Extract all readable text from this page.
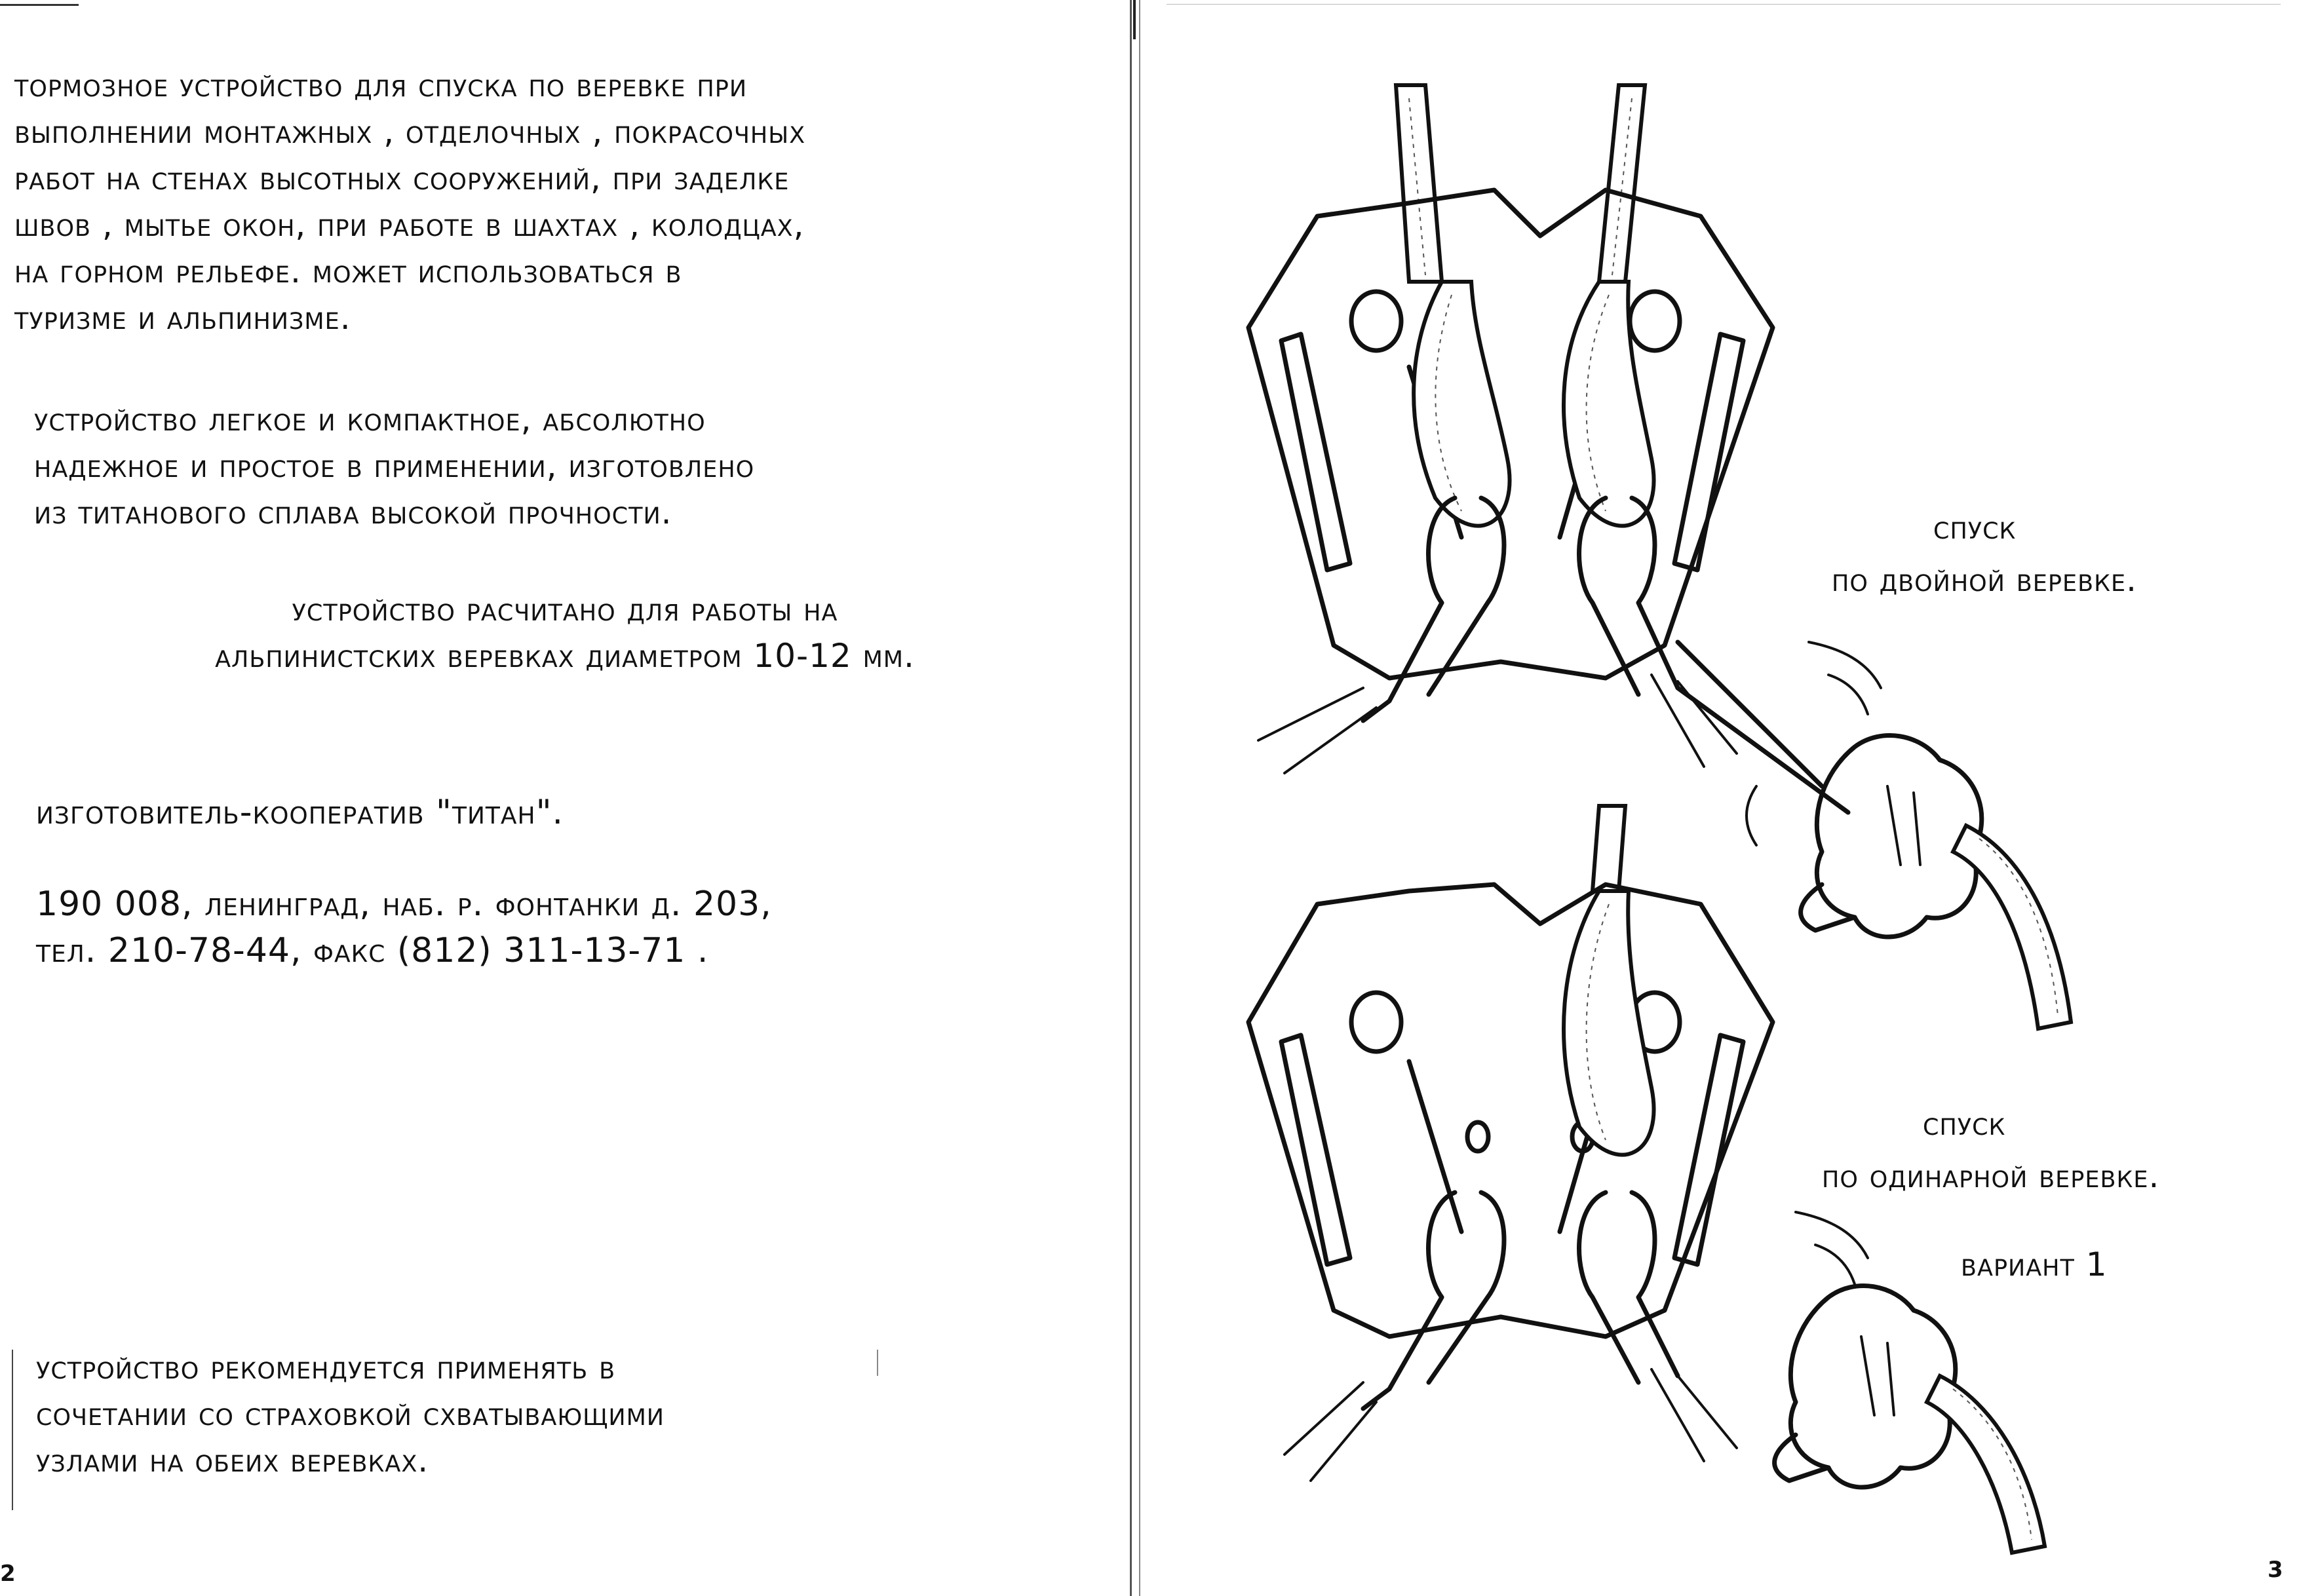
тормозное устройство для спуска по веревке при
выполнении монтажных , отделочных , покрасочных
работ на стенах высотных сооружений, при заделке
швов , мытье окон, при работе в шахтах , колодцах,
на горном рельефе. может использоваться в
туризме и альпинизме.
устройство легкое и компактное, абсолютно
надежное и простое в применении, изготовлено
из титанового сплава высокой прочности.
устройство расчитано для работы на
альпинистских веревках диаметром 10-12 мм.
изготовитель-кооператив "титан".
190 008, ленинград, наб. р. фонтанки д. 203,
тел. 210-78-44, факс (812) 311-13-71 .
устройство рекомендуется применять в
сочетании со страховкой схватывающими
узлами на обеих веревках.
2
спуск
по двойной веревке.
спуск
по одинарной веревке.
вариант 1
3
